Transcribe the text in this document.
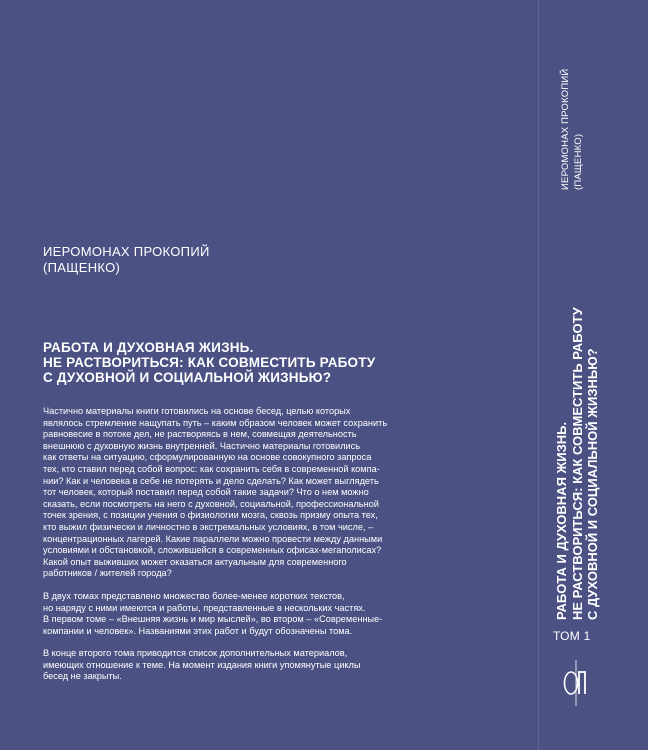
ИЕРОМОНАХ ПРОКОПИЙ
(ПАЩЕНКО)
РАБОТА И ДУХОВНАЯ ЖИЗНЬ.
НЕ РАСТВОРИТЬСЯ: КАК СОВМЕСТИТЬ РАБОТУ
С ДУХОВНОЙ И СОЦИАЛЬНОЙ ЖИЗНЬЮ?

Частично материалы книги готовились на основе бесед, целью которых
являлось стремление нащупать путь – каким образом человек может сохранить
равновесие в потоке дел, не растворяясь в нем, совмещая деятельность
внешнюю с духовную жизнь внутренней. Частично материалы готовились
как ответы на ситуацию, сформулированную на основе совокупного запроса
тех, кто ставил перед собой вопрос: как сохранить себя в современной компа-
нии? Как и человека в себе не потерять и дело сделать? Как может выглядеть
тот человек, который поставил перед собой такие задачи? Что о нем можно
сказать, если посмотреть на него с духовной, социальной, профессиональной
точек зрения, с позиции учения о физиологии мозга, сквозь призму опыта тех,
кто выжил физически и личностно в экстремальных условиях, в том числе, –
концентрационных лагерей. Какие параллели можно провести между данными
условиями и обстановкой, сложившейся в современных офисах-мегаполисах?
Какой опыт выживших может оказаться актуальным для современного
работников / жителей города?

В двух томах представлено множество более-менее коротких текстов,
но наряду с ними имеются и работы, представленные в нескольких частях.
В первом томе – «Внешняя жизнь и мир мыслей», во втором – «Современные-
компании и человек». Названиями этих работ и будут обозначены тома.

В конце второго тома приводится список дополнительных материалов,
имеющих отношение к теме. На момент издания книги упомянутые циклы
бесед не закрыты.

ИЕРОМОНАХ ПРОКОПИЙ (ПАЩЕНКО)
РАБОТА И ДУХОВНАЯ ЖИЗНЬ. НЕ РАСТВОРИТЬСЯ: КАК СОВМЕСТИТЬ РАБОТУ С ДУХОВНОЙ И СОЦИАЛЬНОЙ ЖИЗНЬЮ?
ТОМ 1
